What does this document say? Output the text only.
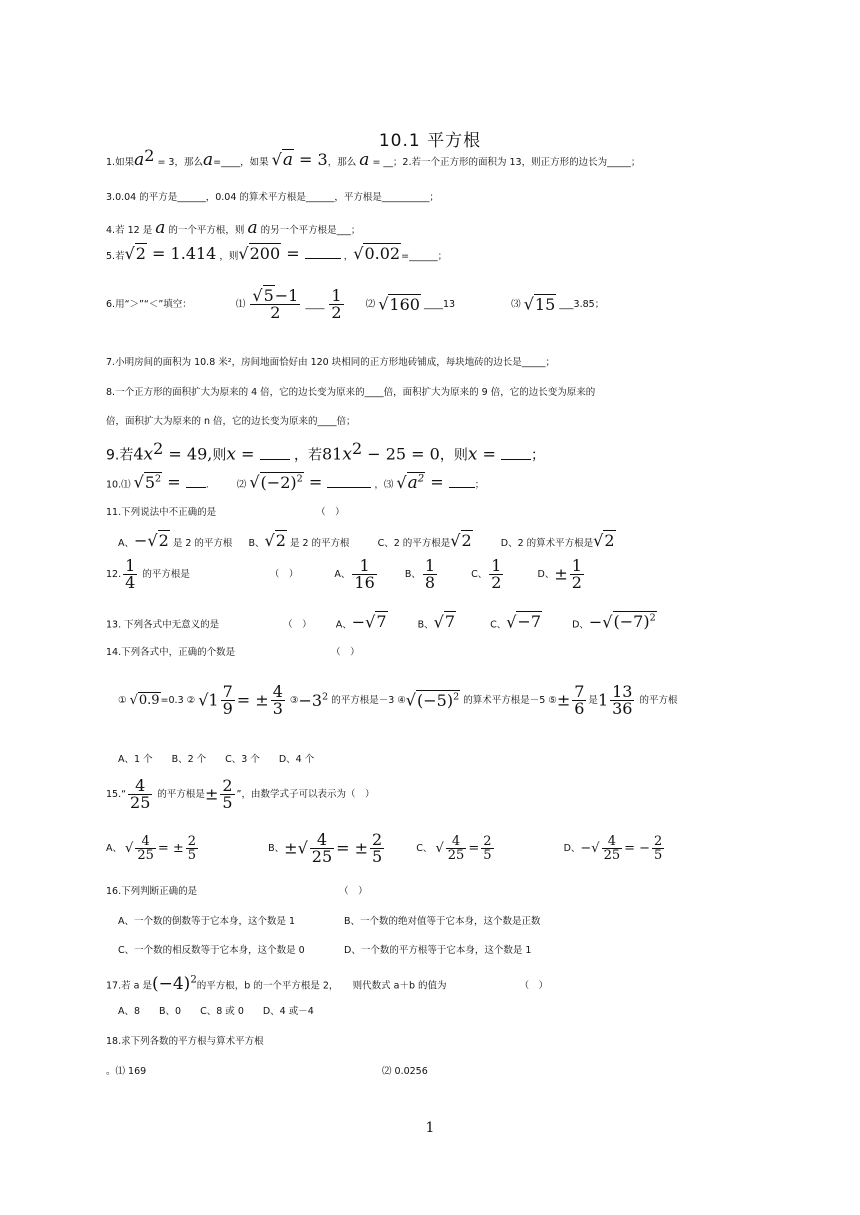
10.1 平方根
1.如果$a^2 = 3$，那么a=____，如果 √a = 3，那么 a = __；2.若一个正方形的面积为 13，则正方形的边长为_____；
3.0.04 的平方是______，0.04 的算术平方根是______，平方根是__________；
4.若 12 是 a 的一个平方根，则 a 的另一个平方根是___；
5.若√2 = 1.414 ，则√200 =	，√0.02=______；
6.用“＞”“＜”填空：	⑴ $\frac{√5-1}{2}$ ____ $\frac{1}{2}$ ⑵ √160 ____13	⑶ √15 ___3.85；
7.小明房间的面积为 10.8 米²，房间地面恰好由 120 块相同的正方形地砖铺成，每块地砖的边长是_____；
8.一个正方形的面积扩大为原来的 4 倍，它的边长变为原来的____倍，面积扩大为原来的 9 倍，它的边长变为原来的
倍，面积扩大为原来的 n 倍，它的边长变为原来的____倍；
9.若$4x^2 = 49$,则x =  ，若$81x^2 - 25 = 0$，则x = ；
10.⑴ $√5^2$ = .	⑵ $√(-2)^2$ =	，⑶ $√a^2$ =	；
11.下列说法中不正确的是	（　）
A、−√2 是 2 的平方根 B、√2 是 2 的平方根	C、2 的平方根是√2	D、2 的算术平方根是√2
12. $\frac{1}{4}$ 的平方根是	（　）	A、 $\frac{1}{16}$	B、 $\frac{1}{8}$	C、 $\frac{1}{2}$	D、± $\frac{1}{2}$
13. 下列各式中无意义的是	（　）	A、−√7	B、√7	C、√−7	D、$-√(-7)^2$
14.下列各式中，正确的个数是	（　）
① √0.9=0.3 ② $√1 \frac{7}{9}$ = ± $\frac{4}{3}$ $③-3^2$ 的平方根是－3 $④√(-5)^2$ 的算术平方根是－5 ⑤± $\frac{7}{6}$ 是$1 \frac{13}{36}$ 的平方根
A、1 个　　B、2 个　　C、3 个　　D、4 个
15.“ $\frac{4}{25}$ 的平方根是± $\frac{2}{5}$ ”，由数学式子可以表示为（　）
A、 √ $\frac{4}{25}$ = ± $\frac{2}{5}$	B、±√ $\frac{4}{25}$ = ± $\frac{2}{5}$	C、 √ $\frac{4}{25} = \frac{2}{5}$	D、−√ $\frac{4}{25}$ = − $\frac{2}{5}$
16.下列判断正确的是	（　）
A、一个数的倒数等于它本身，这个数是 1	B、一个数的绝对值等于它本身，这个数是正数
C、一个数的相反数等于它本身，这个数是 0	D、一个数的平方根等于它本身，这个数是 1
17.若 a 是$(-4)^2$的平方根，b 的一个平方根是 2，　　则代数式 a＋b 的值为	（　）
A、8　　B、0　　C、8 或 0　　D、4 或－4
18.求下列各数的平方根与算术平方根
。⑴ 169	⑵ 0.0256
1
